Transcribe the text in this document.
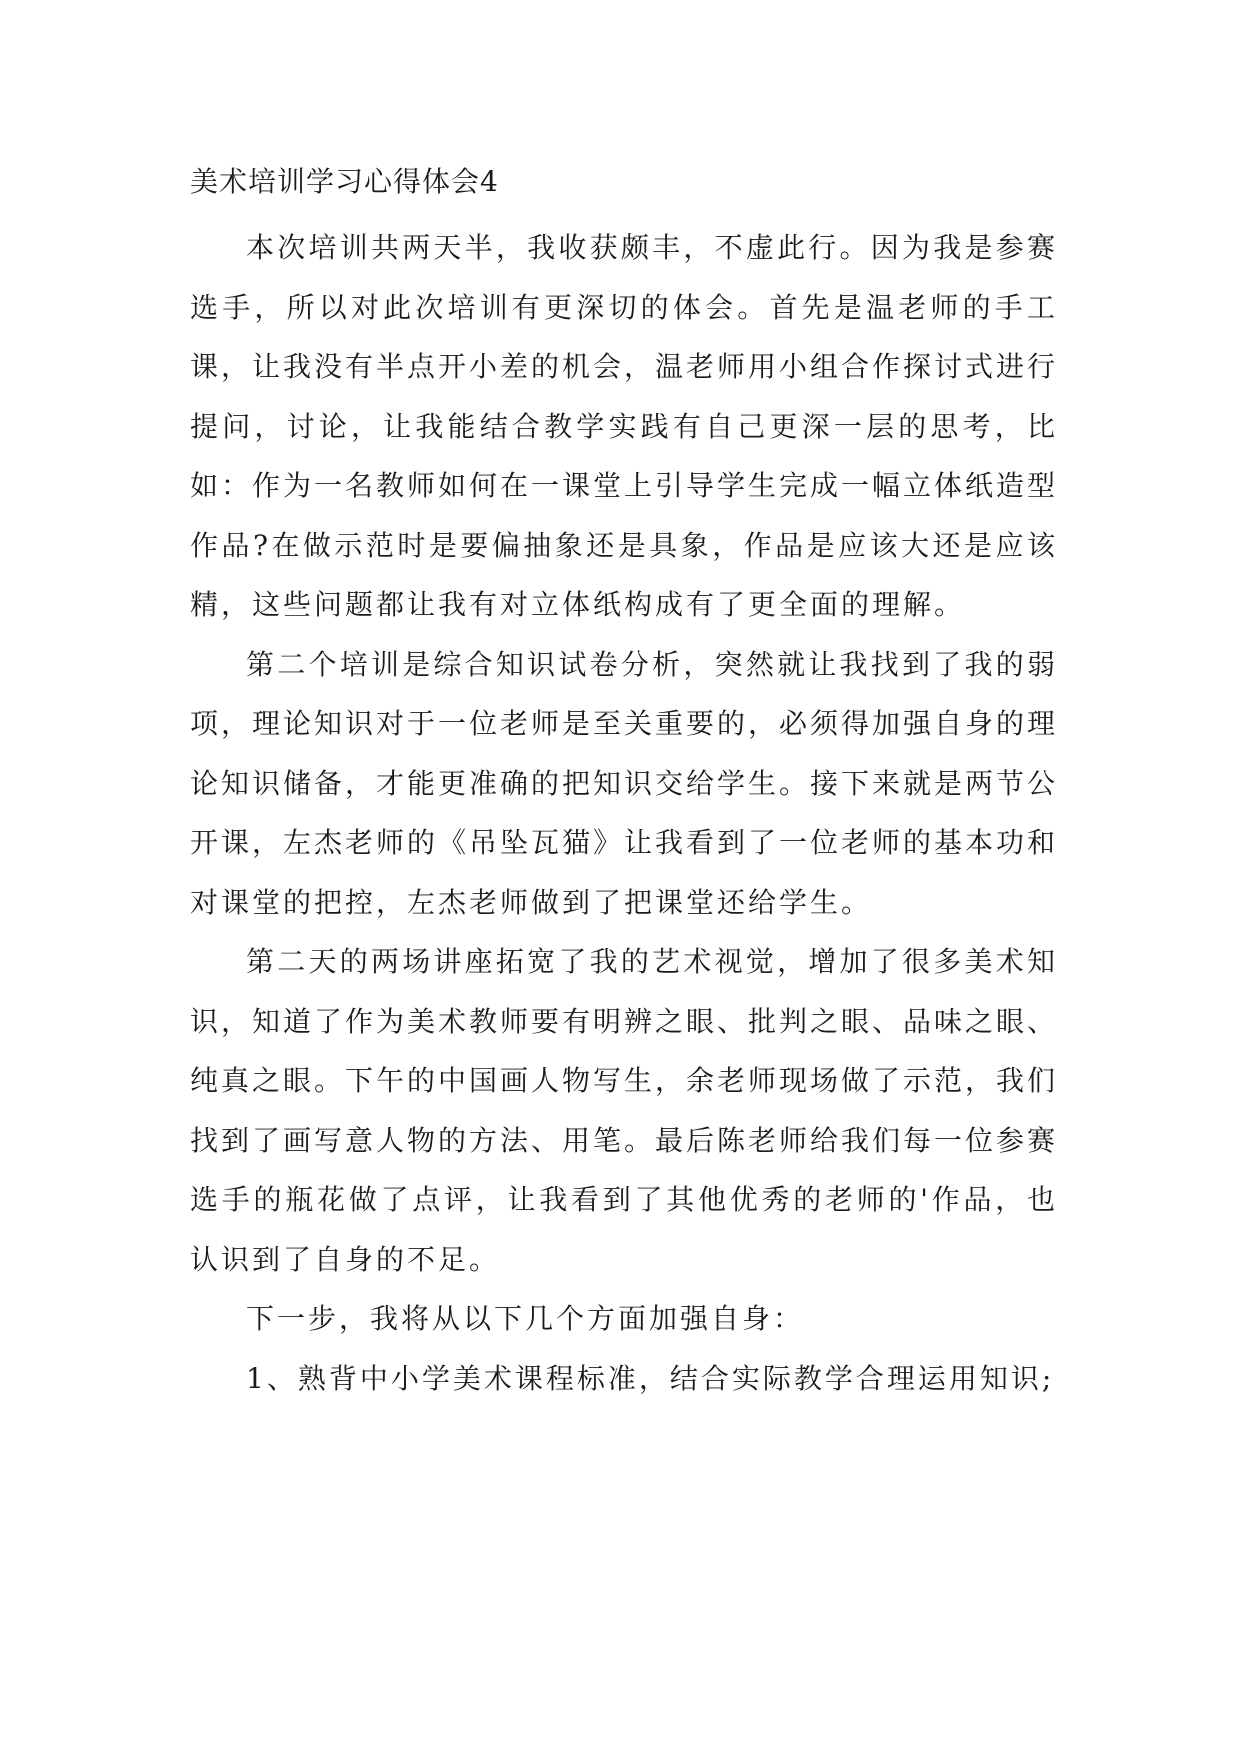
美术培训学习心得体会4

本次培训共两天半，我收获颇丰，不虚此行。因为我是参赛选手，所以对此次培训有更深切的体会。首先是温老师的手工课，让我没有半点开小差的机会，温老师用小组合作探讨式进行提问，讨论，让我能结合教学实践有自己更深一层的思考，比如：作为一名教师如何在一课堂上引导学生完成一幅立体纸造型作品?在做示范时是要偏抽象还是具象，作品是应该大还是应该精，这些问题都让我有对立体纸构成有了更全面的理解。

第二个培训是综合知识试卷分析，突然就让我找到了我的弱项，理论知识对于一位老师是至关重要的，必须得加强自身的理论知识储备，才能更准确的把知识交给学生。接下来就是两节公开课，左杰老师的《吊坠瓦猫》让我看到了一位老师的基本功和对课堂的把控，左杰老师做到了把课堂还给学生。

第二天的两场讲座拓宽了我的艺术视觉，增加了很多美术知识，知道了作为美术教师要有明辨之眼、批判之眼、品味之眼、纯真之眼。下午的中国画人物写生，余老师现场做了示范，我们找到了画写意人物的方法、用笔。最后陈老师给我们每一位参赛选手的瓶花做了点评，让我看到了其他优秀的老师的'作品，也认识到了自身的不足。

下一步，我将从以下几个方面加强自身：

1、熟背中小学美术课程标准，结合实际教学合理运用知识;
